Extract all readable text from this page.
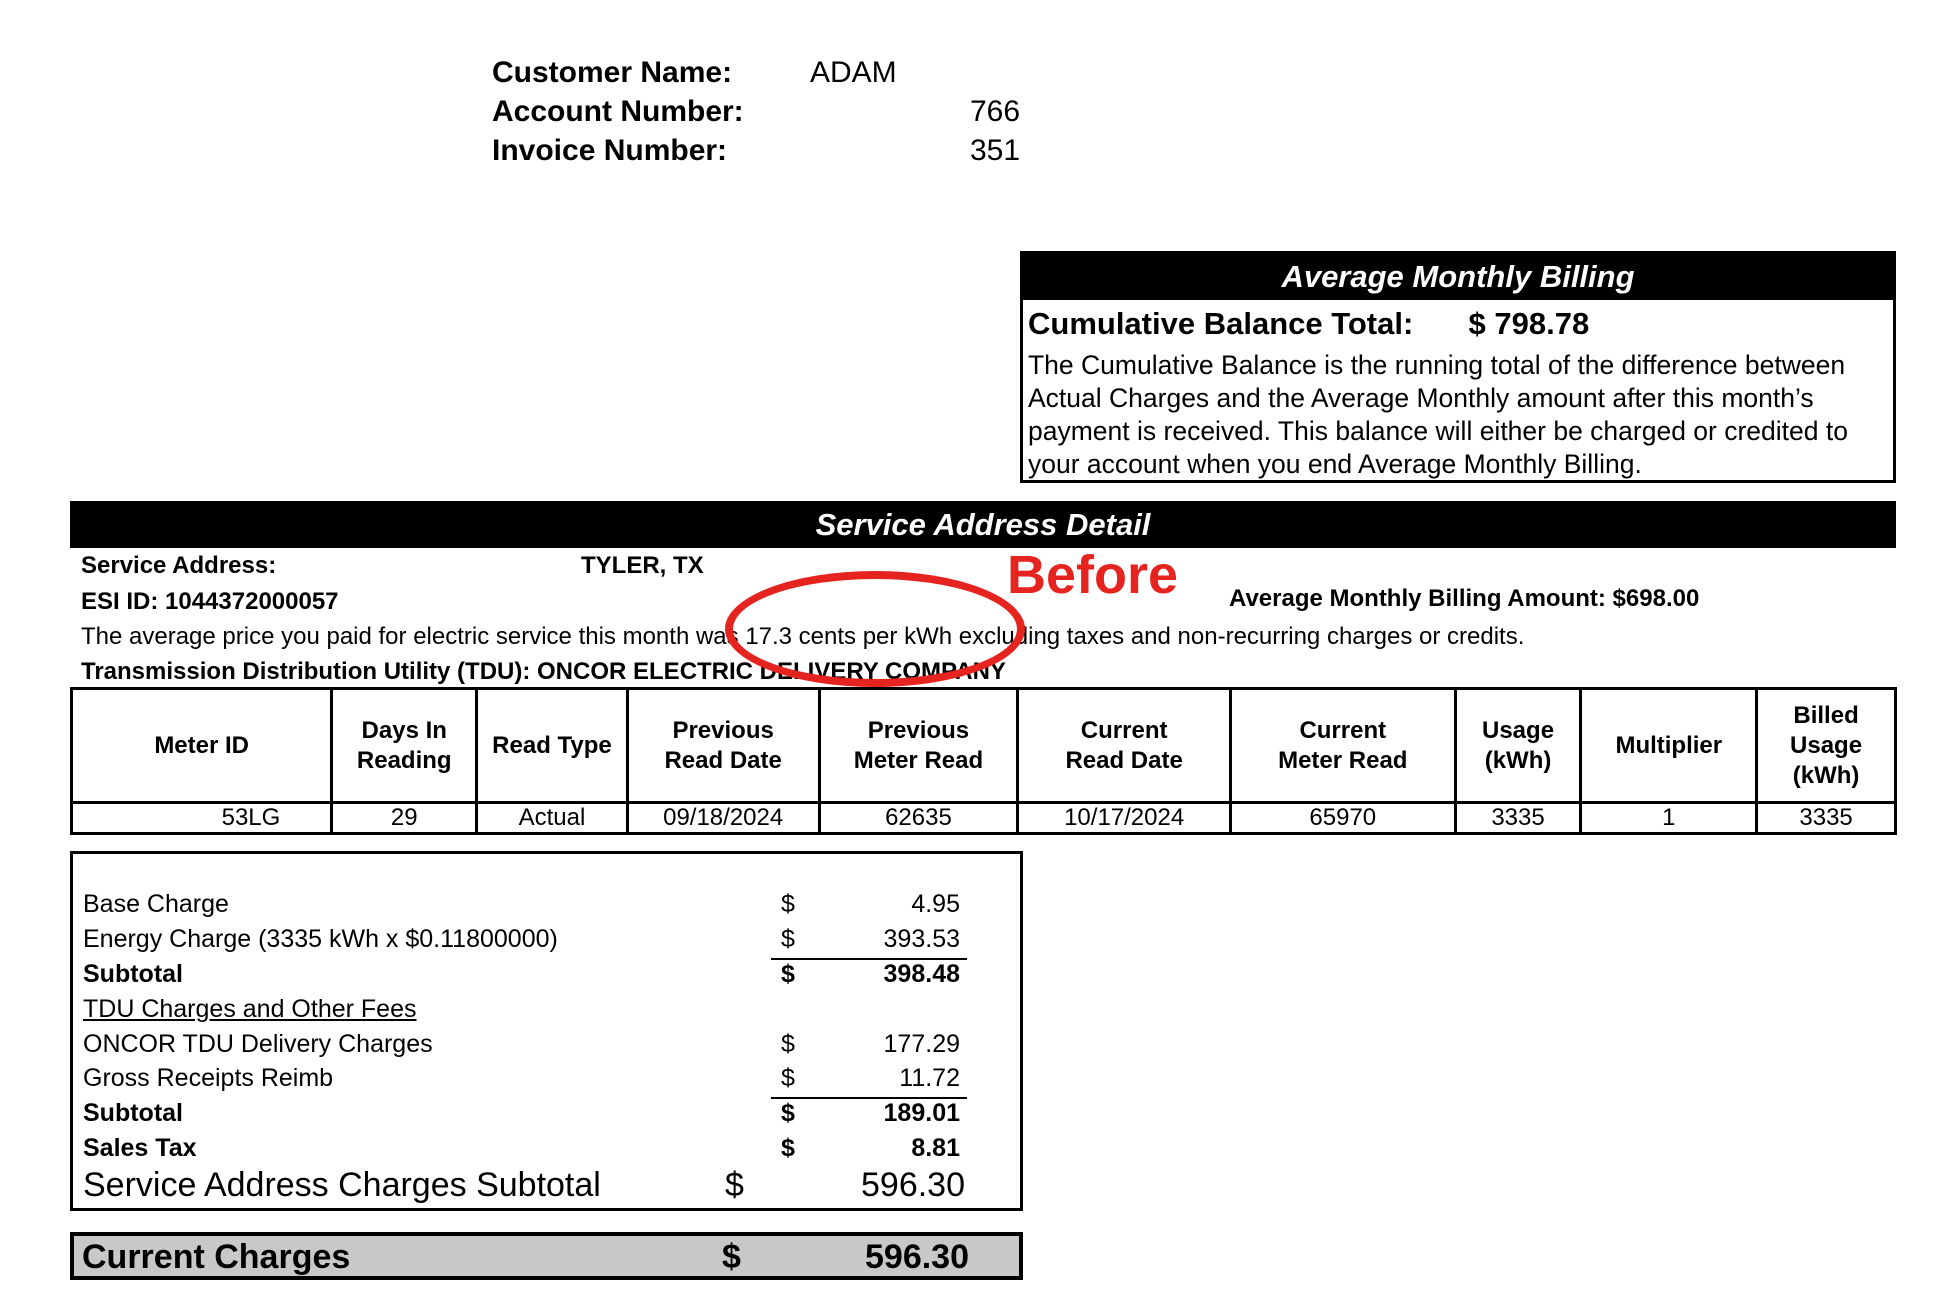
Customer Name:	ADAM
Account Number:	766
Invoice Number:	351
Average Monthly Billing
Cumulative Balance Total: $ 798.78
The Cumulative Balance is the running total of the difference between Actual Charges and the Average Monthly amount after this month’s payment is received. This balance will either be charged or credited to your account when you end Average Monthly Billing.
Service Address Detail
Service Address:	TYLER, TX
ESI ID: 1044372000057	Average Monthly Billing Amount: $698.00
The average price you paid for electric service this month was 17.3 cents per kWh excluding taxes and non-recurring charges or credits.
Transmission Distribution Utility (TDU): ONCOR ELECTRIC DELIVERY COMPANY
Before
Meter ID	Days In Reading	Read Type	Previous Read Date	Previous Meter Read	Current Read Date	Current Meter Read	Usage (kWh)	Multiplier	Billed Usage (kWh)
53LG	29	Actual	09/18/2024	62635	10/17/2024	65970	3335	1	3335
Base Charge	$	4.95
Energy Charge (3335 kWh x $0.11800000)	$	393.53
Subtotal	$	398.48
TDU Charges and Other Fees
ONCOR TDU Delivery Charges	$	177.29
Gross Receipts Reimb	$	11.72
Subtotal	$	189.01
Sales Tax	$	8.81
Service Address Charges Subtotal	$	596.30
Current Charges	$	596.30
